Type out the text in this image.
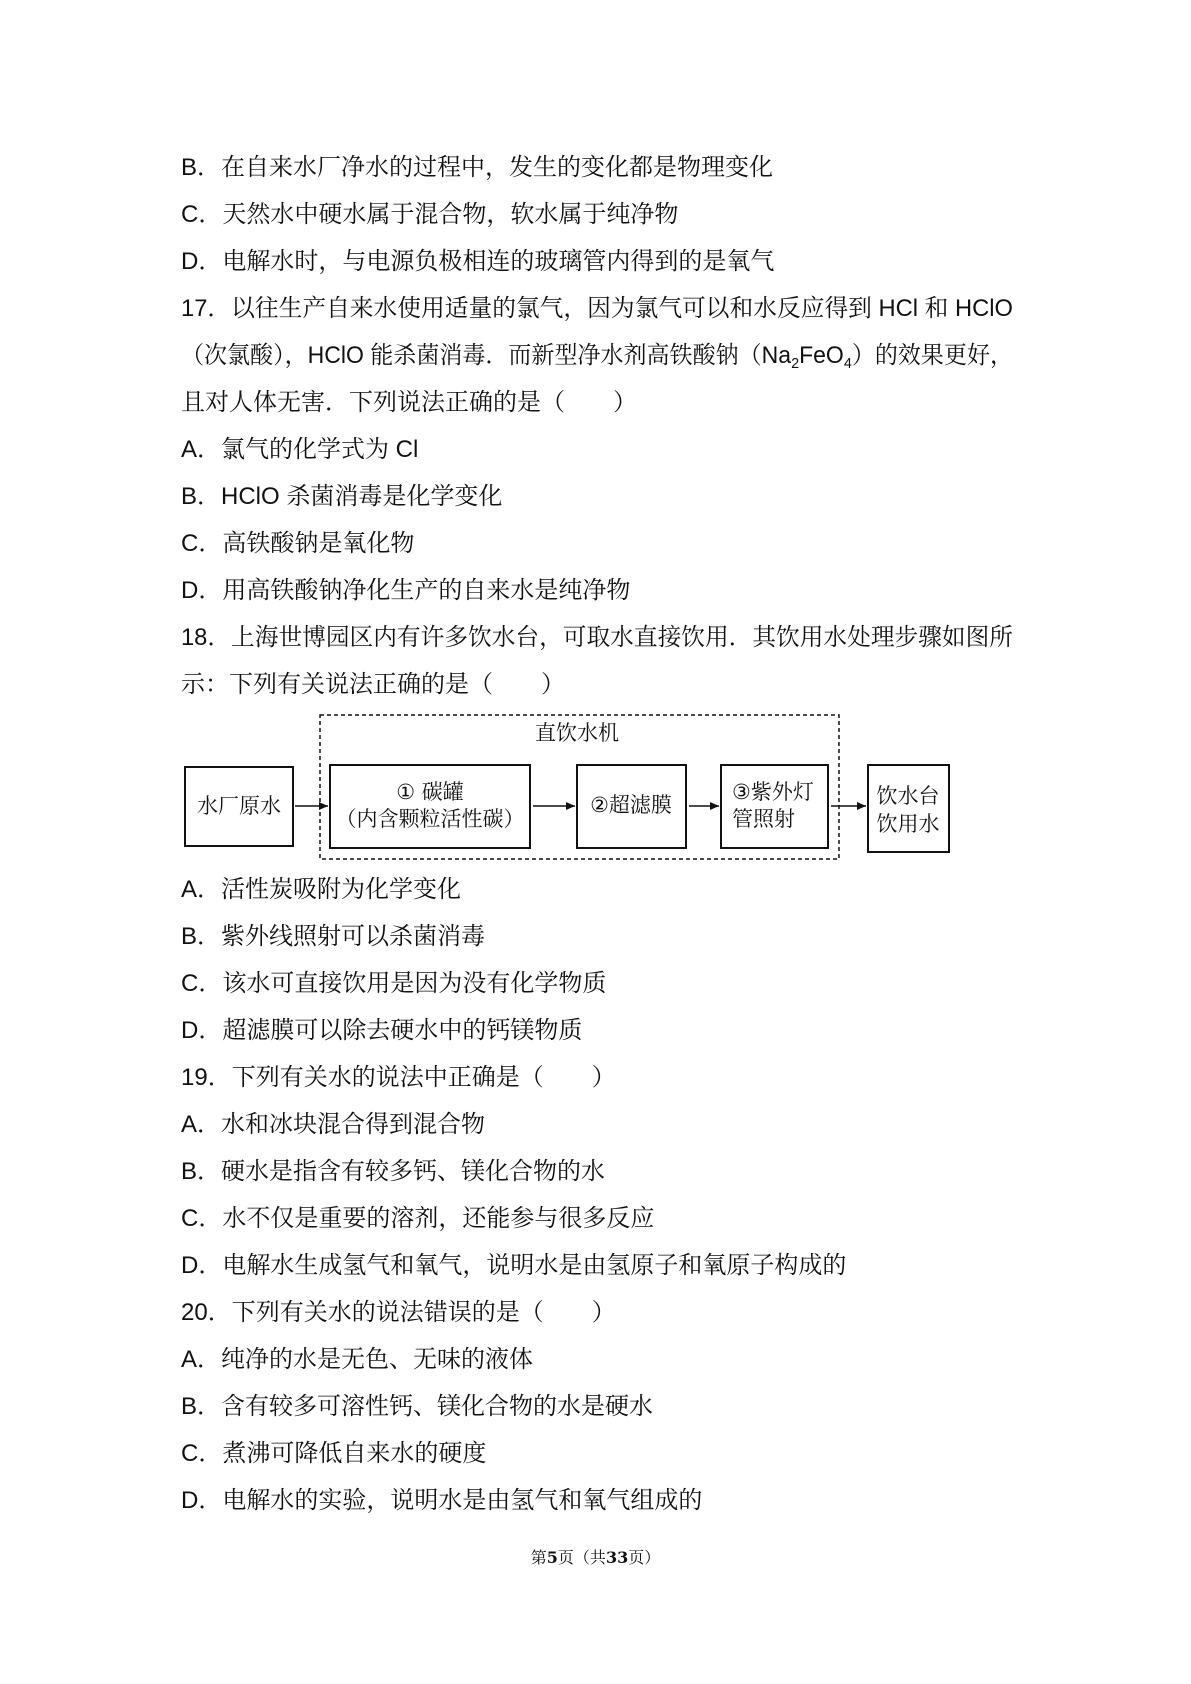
B．在自来水厂净水的过程中，发生的变化都是物理变化
C．天然水中硬水属于混合物，软水属于纯净物
D．电解水时，与电源负极相连的玻璃管内得到的是氧气
17．以往生产自来水使用适量的氯气，因为氯气可以和水反应得到 HCl 和 HClO
（次氯酸），HClO 能杀菌消毒．而新型净水剂高铁酸钠$(Na_2FeO_4)$的效果更好，
且对人体无害．下列说法正确的是（　　）
A．氯气的化学式为 Cl
B．HClO 杀菌消毒是化学变化
C．高铁酸钠是氧化物
D．用高铁酸钠净化生产的自来水是纯净物
18．上海世博园区内有许多饮水台，可取水直接饮用．其饮用水处理步骤如图所
示：下列有关说法正确的是（　　）
直饮水机
水厂原水
① 碳罐
（内含颗粒活性碳）
②超滤膜
③紫外灯
管照射
饮水台
饮用水
A．活性炭吸附为化学变化
B．紫外线照射可以杀菌消毒
C．该水可直接饮用是因为没有化学物质
D．超滤膜可以除去硬水中的钙镁物质
19．下列有关水的说法中正确是（　　）
A．水和冰块混合得到混合物
B．硬水是指含有较多钙、镁化合物的水
C．水不仅是重要的溶剂，还能参与很多反应
D．电解水生成氢气和氧气，说明水是由氢原子和氧原子构成的
20．下列有关水的说法错误的是（　　）
A．纯净的水是无色、无味的液体
B．含有较多可溶性钙、镁化合物的水是硬水
C．煮沸可降低自来水的硬度
D．电解水的实验，说明水是由氢气和氧气组成的
第5页（共33页）
